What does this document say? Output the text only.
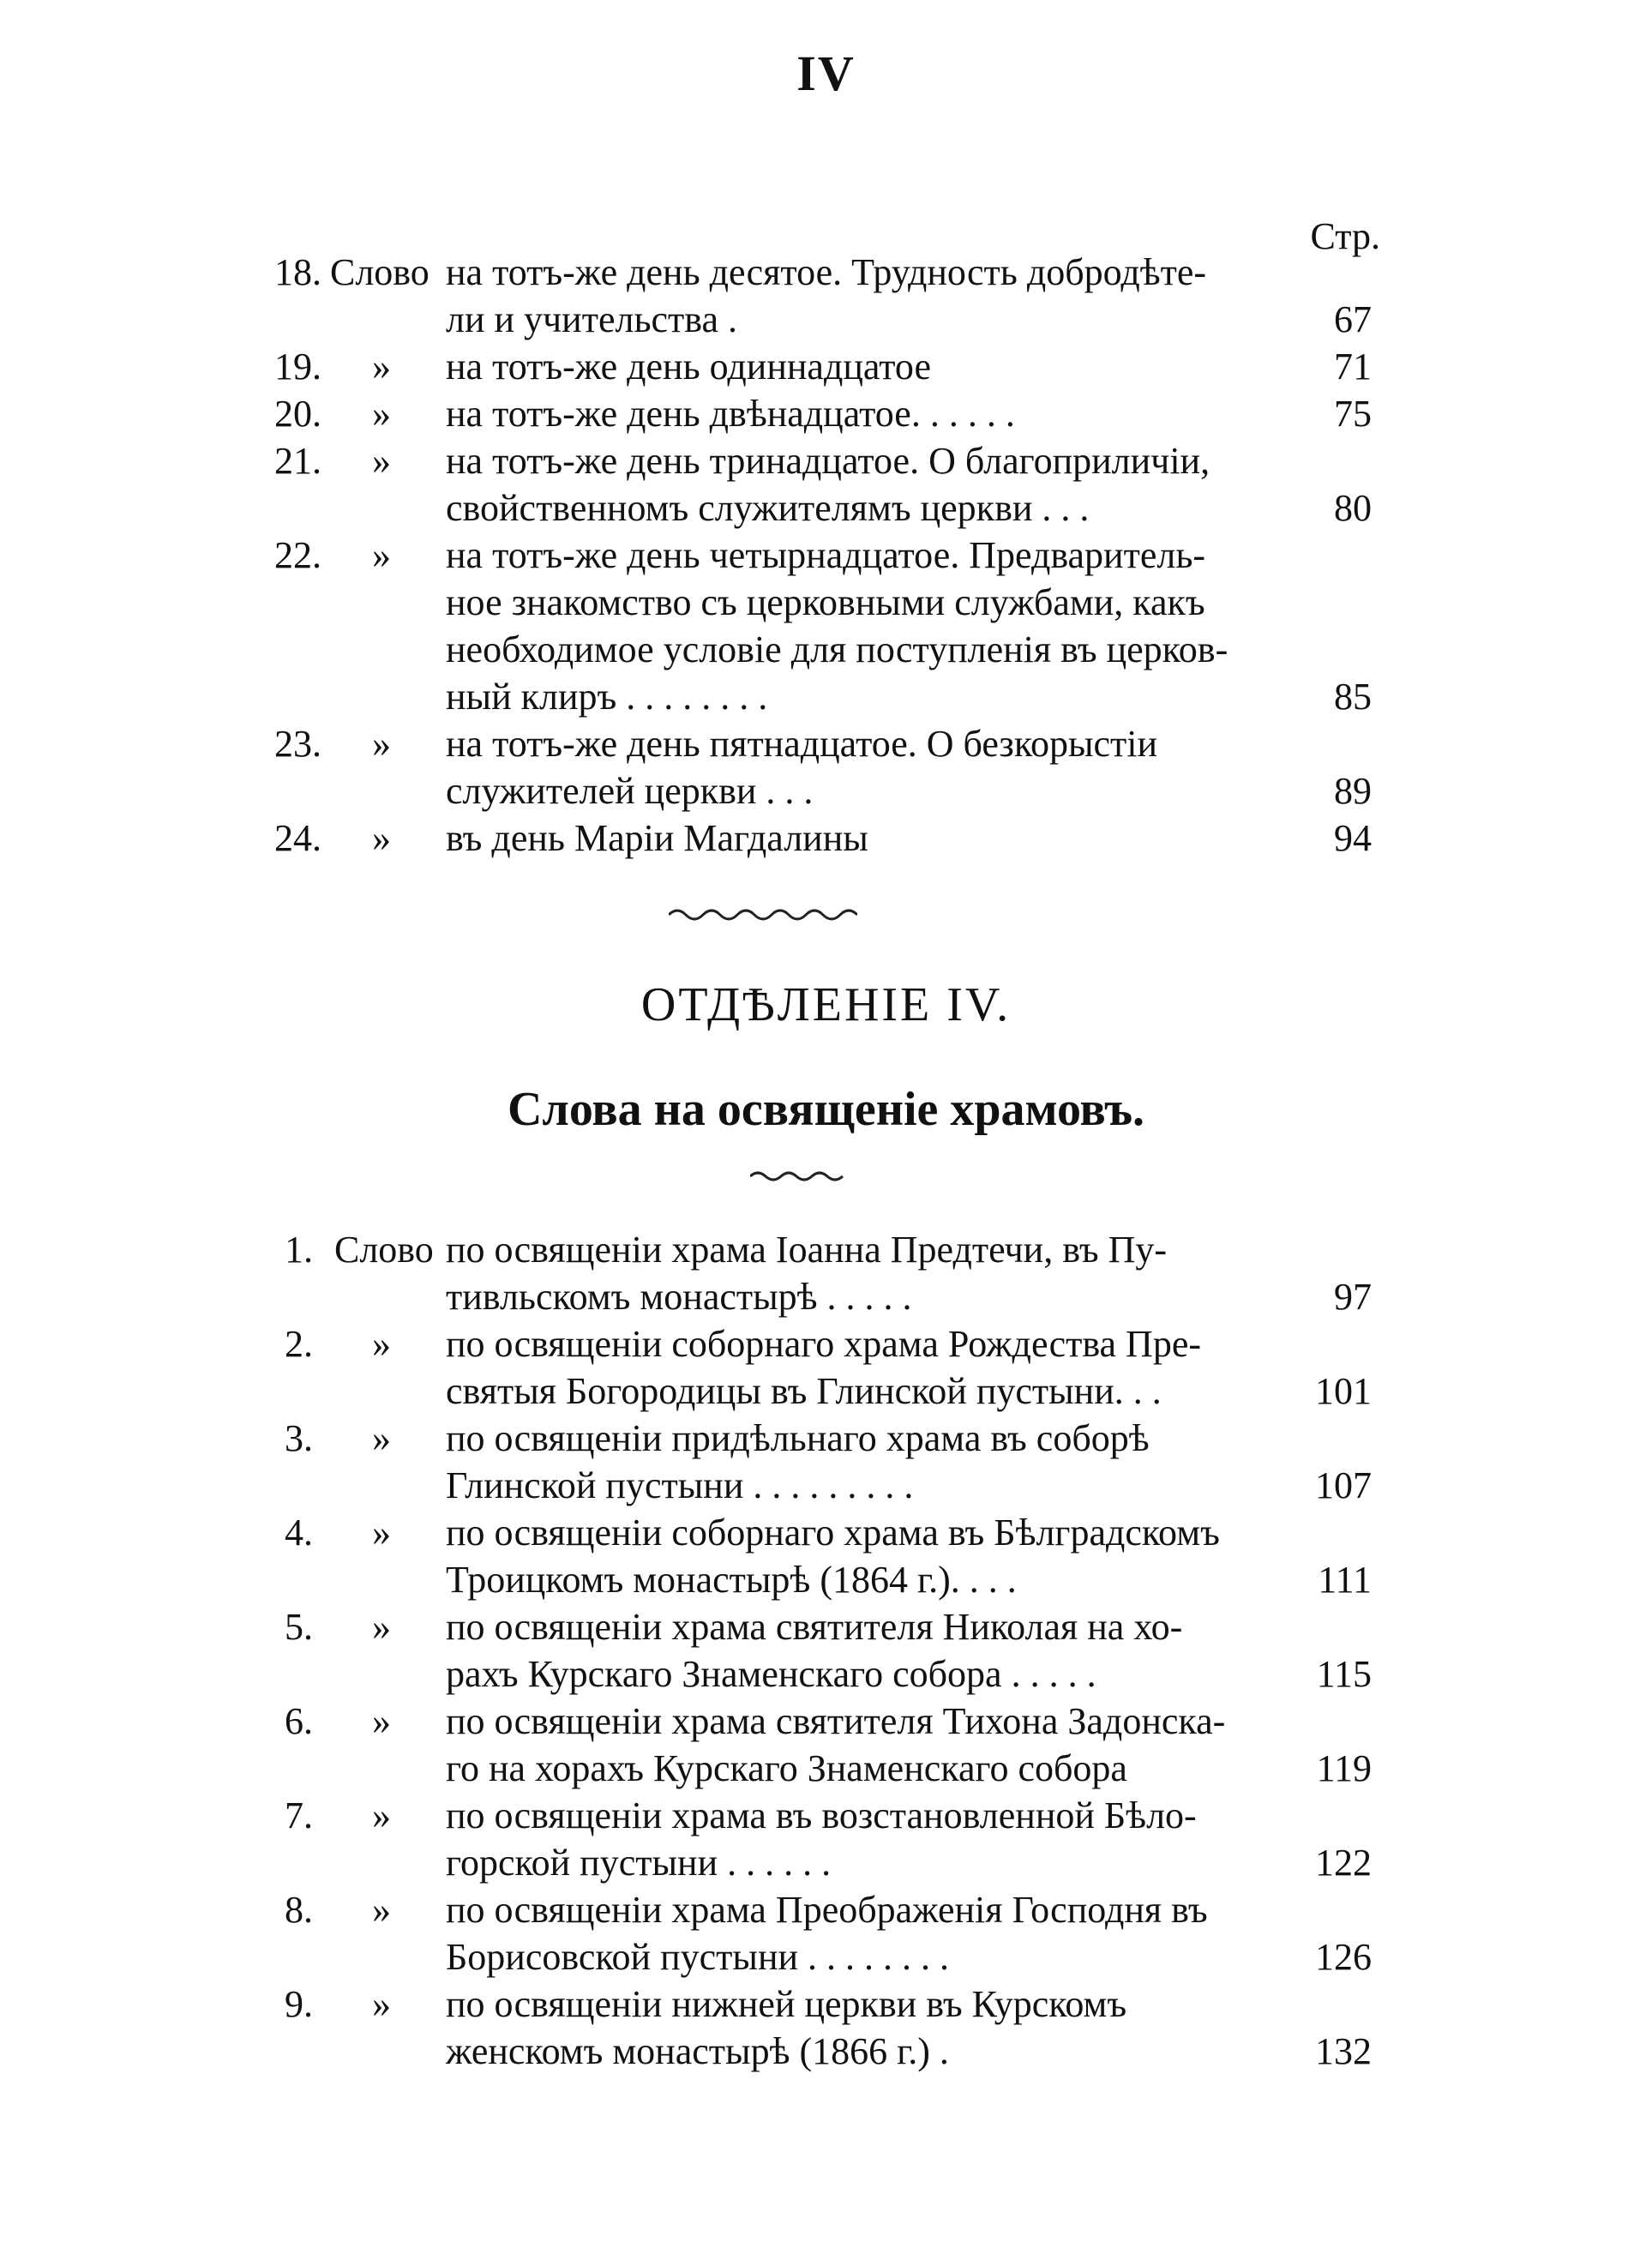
IV
Стр.
18. Слово на тотъ-же день десятое. Трудность добродѣте-
ли и учительства .	67
19. » на тотъ-же день одиннадцатое	71
20. » на тотъ-же день двѣнадцатое. . . . . .	75
21. » на тотъ-же день тринадцатое. О благоприличіи,
свойственномъ служителямъ церкви . . .	80
22. » на тотъ-же день четырнадцатое. Предваритель-
ное знакомство съ церковными службами, какъ
необходимое условіе для поступленія въ церков-
ный клиръ . . . . . . . .	85
23. » на тотъ-же день пятнадцатое. О безкорыстіи
служителей церкви . . .	89
24. » въ день Маріи Магдалины	94
ОТДѢЛЕНІЕ IV.
Слова на освященіе храмовъ.
1. Слово по освященіи храма Іоанна Предтечи, въ Пу-
тивльскомъ монастырѣ . . . . .	97
2. » по освященіи соборнаго храма Рождества Пре-
святыя Богородицы въ Глинской пустыни. . .	101
3. » по освященіи придѣльнаго храма въ соборѣ
Глинской пустыни . . . . . . . . .	107
4. » по освященіи соборнаго храма въ Бѣлградскомъ
Троицкомъ монастырѣ (1864 г.). . . .	111
5. » по освященіи храма святителя Николая на хо-
рахъ Курскаго Знаменскаго собора . . . . .	115
6. » по освященіи храма святителя Тихона Задонска-
го на хорахъ Курскаго Знаменскаго собора	119
7. » по освященіи храма въ возстановленной Бѣло-
горской пустыни . . . . . .	122
8. » по освященіи храма Преображенія Господня въ
Борисовской пустыни . . . . . . . .	126
9. » по освященіи нижней церкви въ Курскомъ
женскомъ монастырѣ (1866 г.) .	132
